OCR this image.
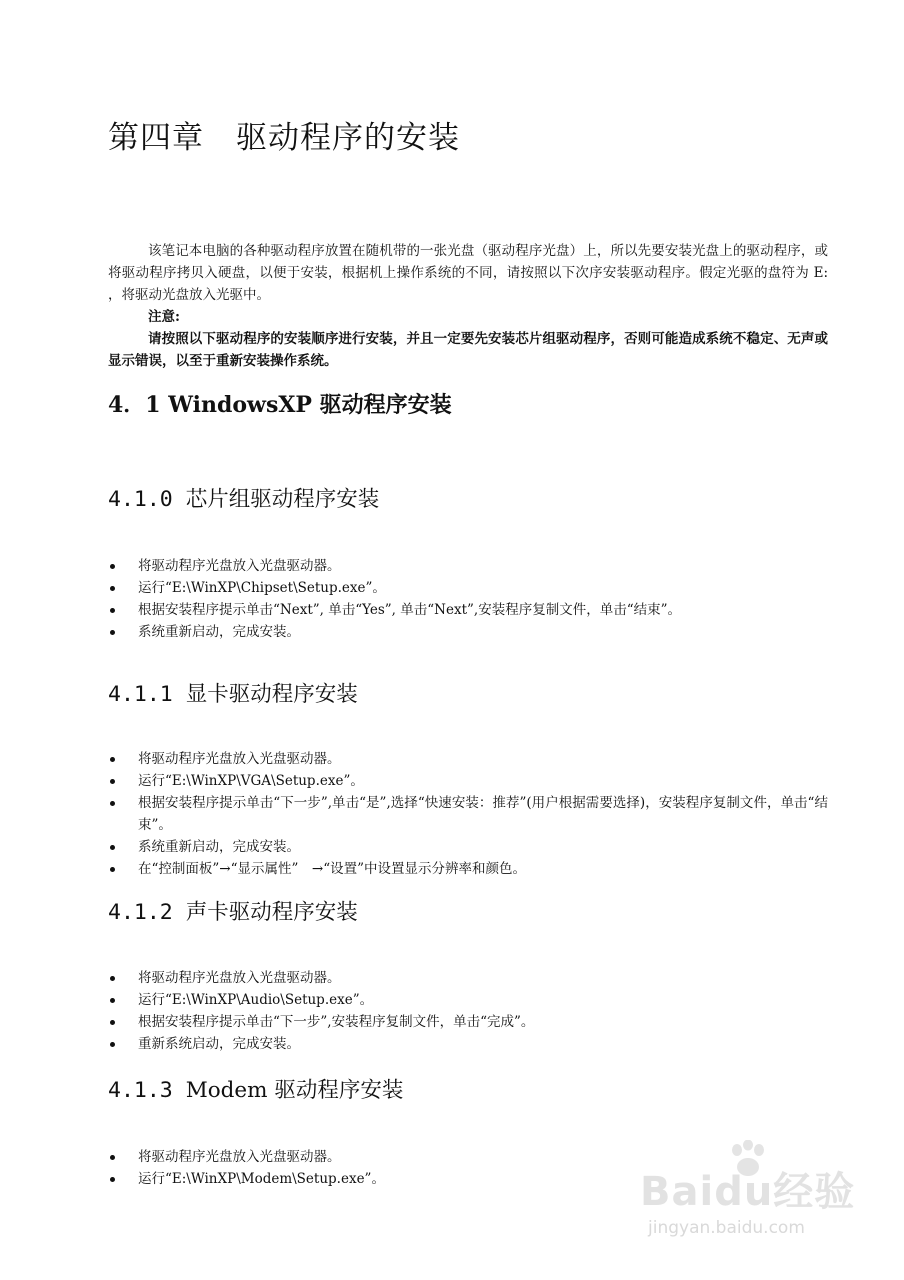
第四章　驱动程序的安装

该笔记本电脑的各种驱动程序放置在随机带的一张光盘（驱动程序光盘）上，所以先要安装光盘上的驱动程序，或将驱动程序拷贝入硬盘，以便于安装，根据机上操作系统的不同，请按照以下次序安装驱动程序。假定光驱的盘符为 E: ，将驱动光盘放入光驱中。

注意:

请按照以下驱动程序的安装顺序进行安装，并且一定要先安装芯片组驱动程序，否则可能造成系统不稳定、无声或显示错误，以至于重新安装操作系统。

4．1 WindowsXP 驱动程序安装
4.1.0 芯片组驱动程序安装
将驱动程序光盘放入光盘驱动器。
运行“E:\WinXP\Chipset\Setup.exe”。
根据安装程序提示单击“Next”, 单击“Yes”, 单击“Next”,安装程序复制文件，单击“结束”。
系统重新启动，完成安装。
4.1.1 显卡驱动程序安装
将驱动程序光盘放入光盘驱动器。
运行“E:\WinXP\VGA\Setup.exe”。
根据安装程序提示单击“下一步”,单击“是”,选择“快速安装：推荐”(用户根据需要选择)，安装程序复制文件，单击“结束”。
系统重新启动，完成安装。
在“控制面板”→“显示属性”　→“设置”中设置显示分辨率和颜色。
4.1.2 声卡驱动程序安装
将驱动程序光盘放入光盘驱动器。
运行“E:\WinXP\Audio\Setup.exe”。
根据安装程序提示单击“下一步”,安装程序复制文件，单击“完成”。
重新系统启动，完成安装。
4.1.3 Modem 驱动程序安装
将驱动程序光盘放入光盘驱动器。
运行“E:\WinXP\Modem\Setup.exe”。	Baidu经验
jingyan.baidu.com
